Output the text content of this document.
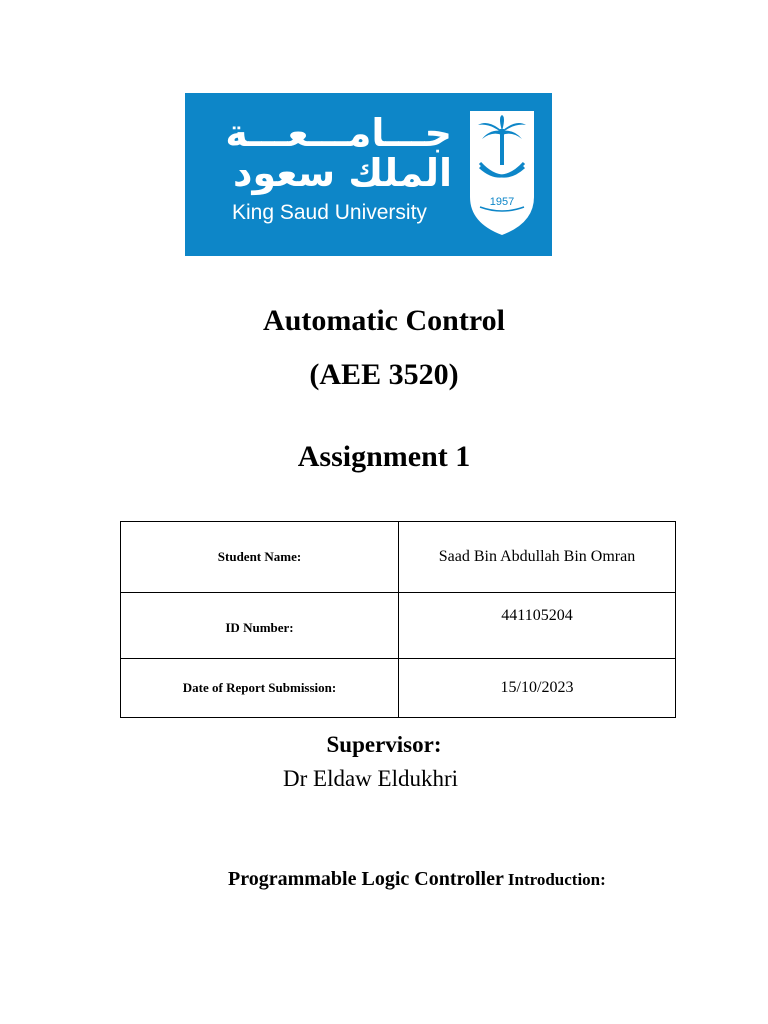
جـــامـــعـــة
الملك سعود
King Saud University	1957
Automatic Control
(AEE 3520)
Assignment 1
Student Name:	Saad Bin Abdullah Bin Omran
ID Number:	441105204
Date of Report Submission:	15/10/2023
Supervisor:
Dr Eldaw Eldukhri
Programmable Logic Controller Introduction:
